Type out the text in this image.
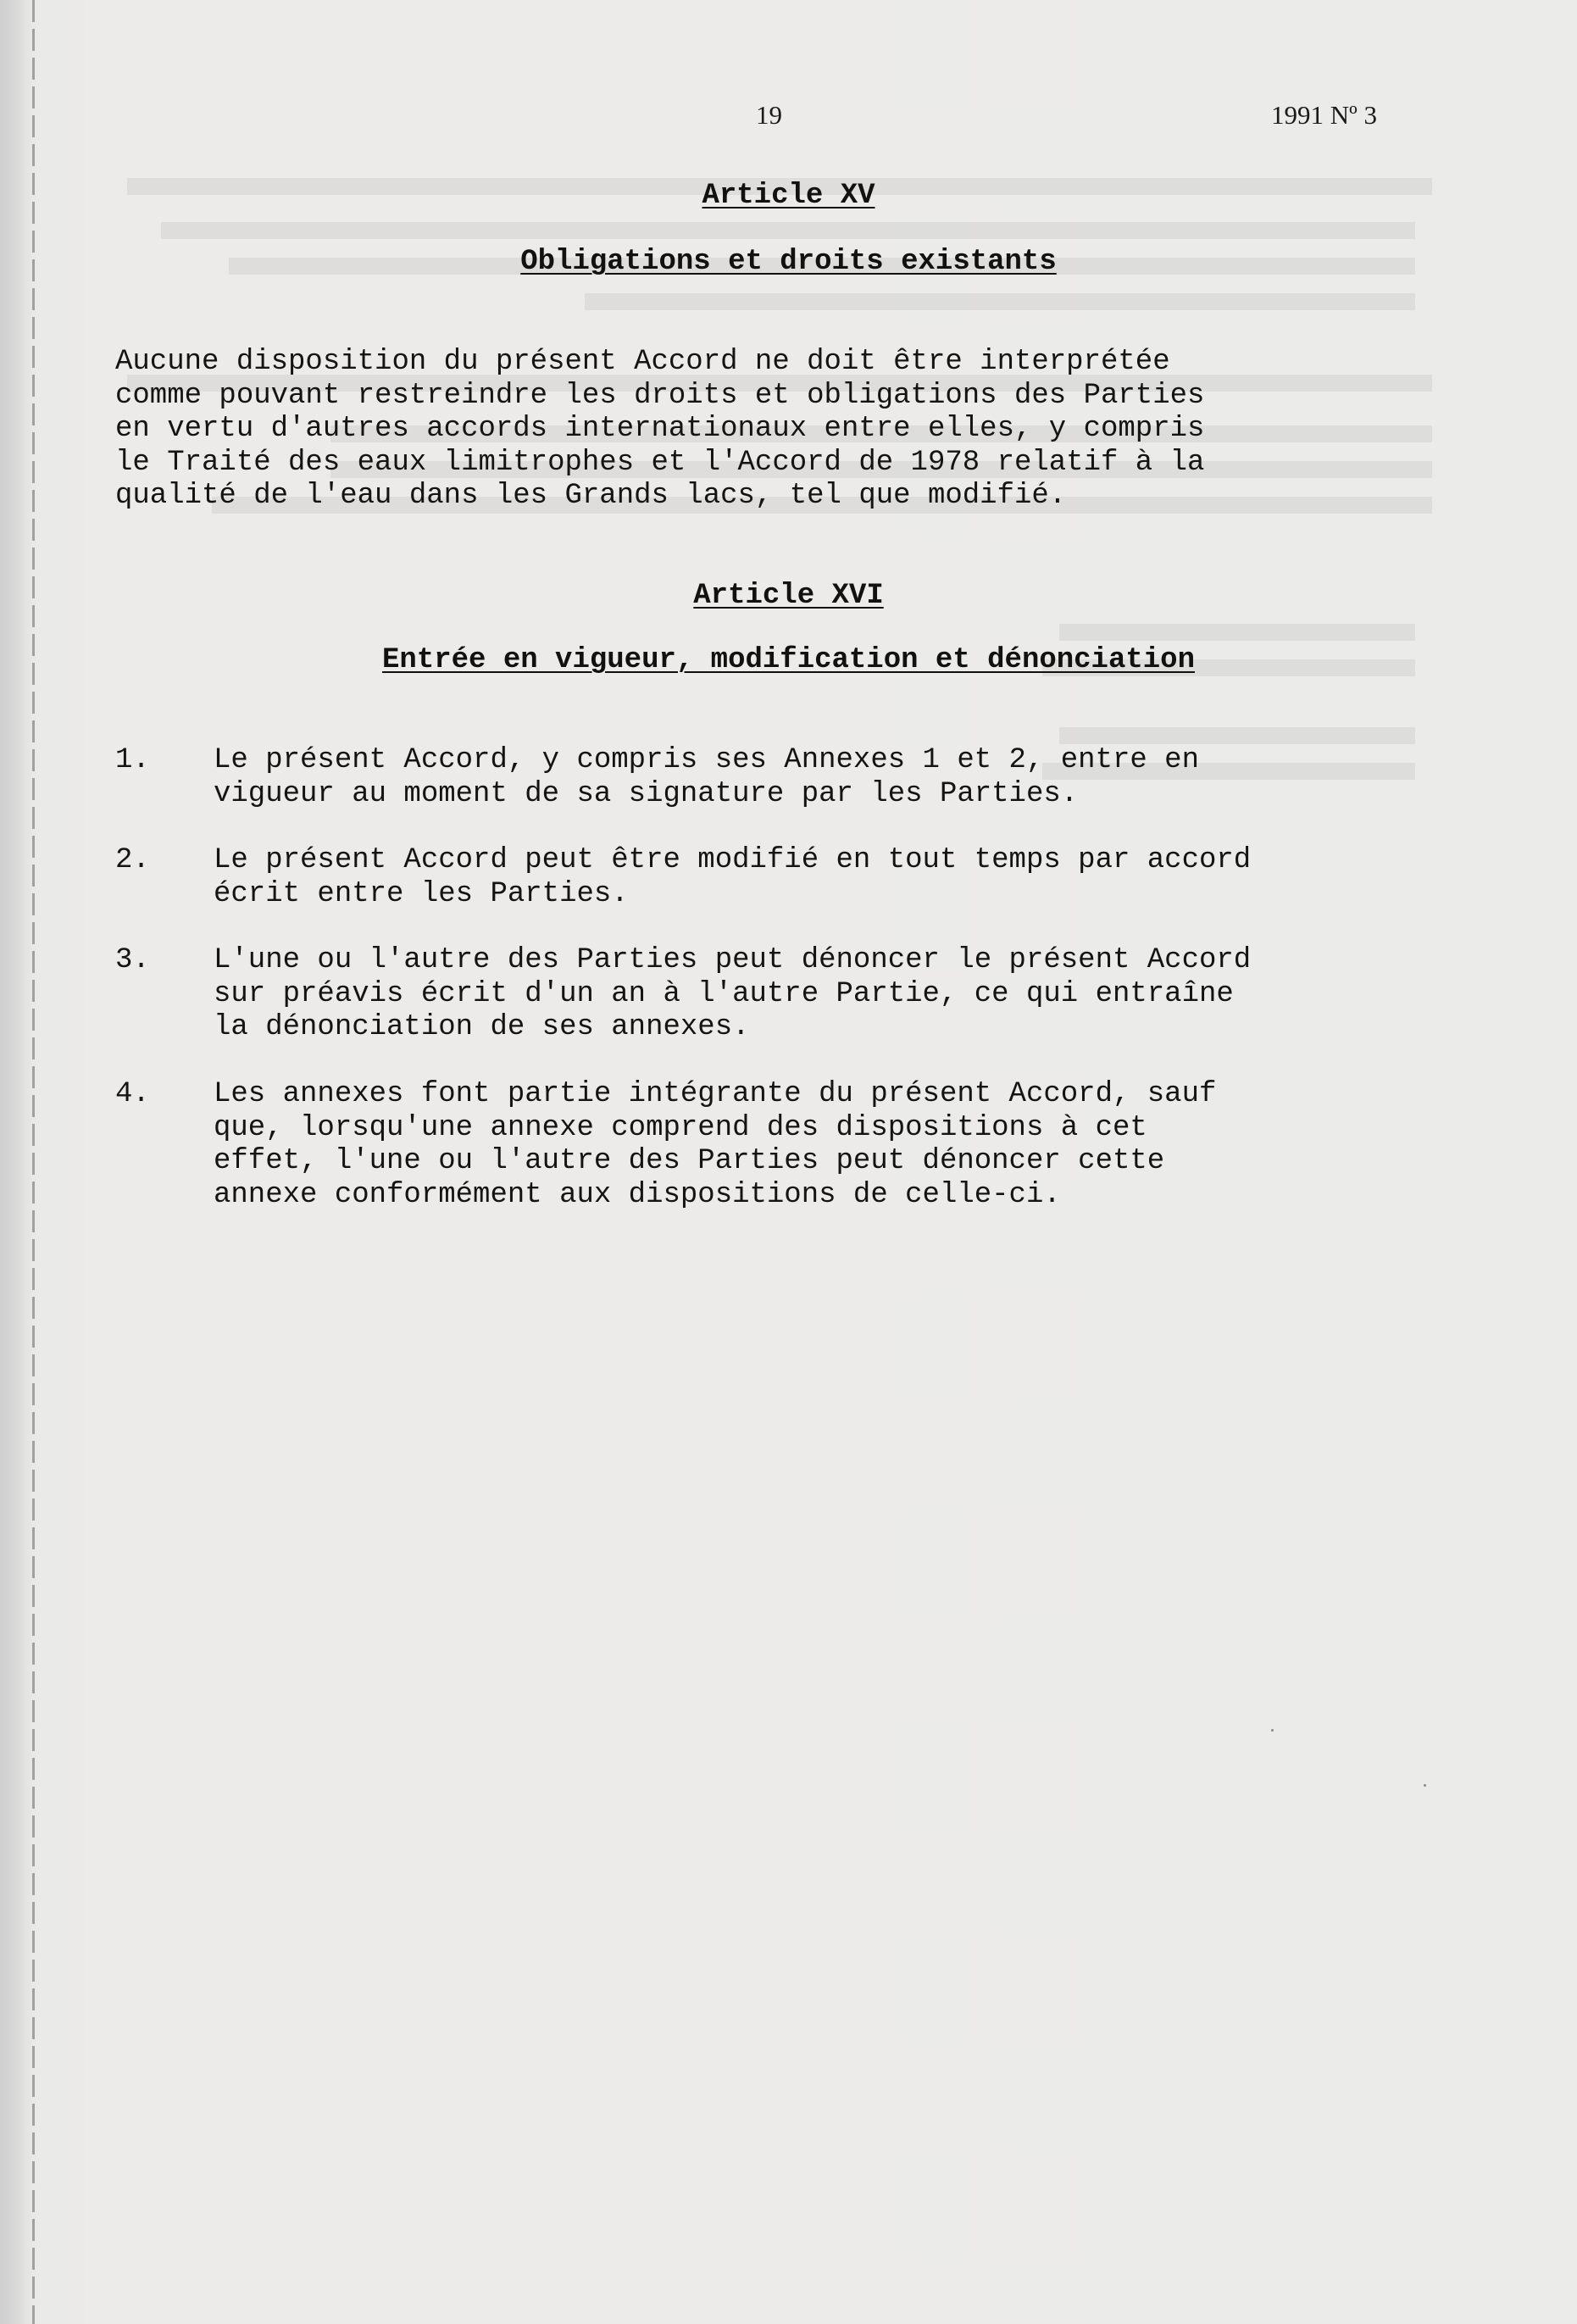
19	1991 Nº 3
Article XV
Obligations et droits existants
Aucune disposition du présent Accord ne doit être interprétée
comme pouvant restreindre les droits et obligations des Parties
en vertu d'autres accords internationaux entre elles, y compris
le Traité des eaux limitrophes et l'Accord de 1978 relatif à la
qualité de l'eau dans les Grands lacs, tel que modifié.
Article XVI
Entrée en vigueur, modification et dénonciation
1. Le présent Accord, y compris ses Annexes 1 et 2, entre en
vigueur au moment de sa signature par les Parties.
2. Le présent Accord peut être modifié en tout temps par accord
écrit entre les Parties.
3. L'une ou l'autre des Parties peut dénoncer le présent Accord
sur préavis écrit d'un an à l'autre Partie, ce qui entraîne
la dénonciation de ses annexes.
4. Les annexes font partie intégrante du présent Accord, sauf
que, lorsqu'une annexe comprend des dispositions à cet
effet, l'une ou l'autre des Parties peut dénoncer cette
annexe conformément aux dispositions de celle-ci.
